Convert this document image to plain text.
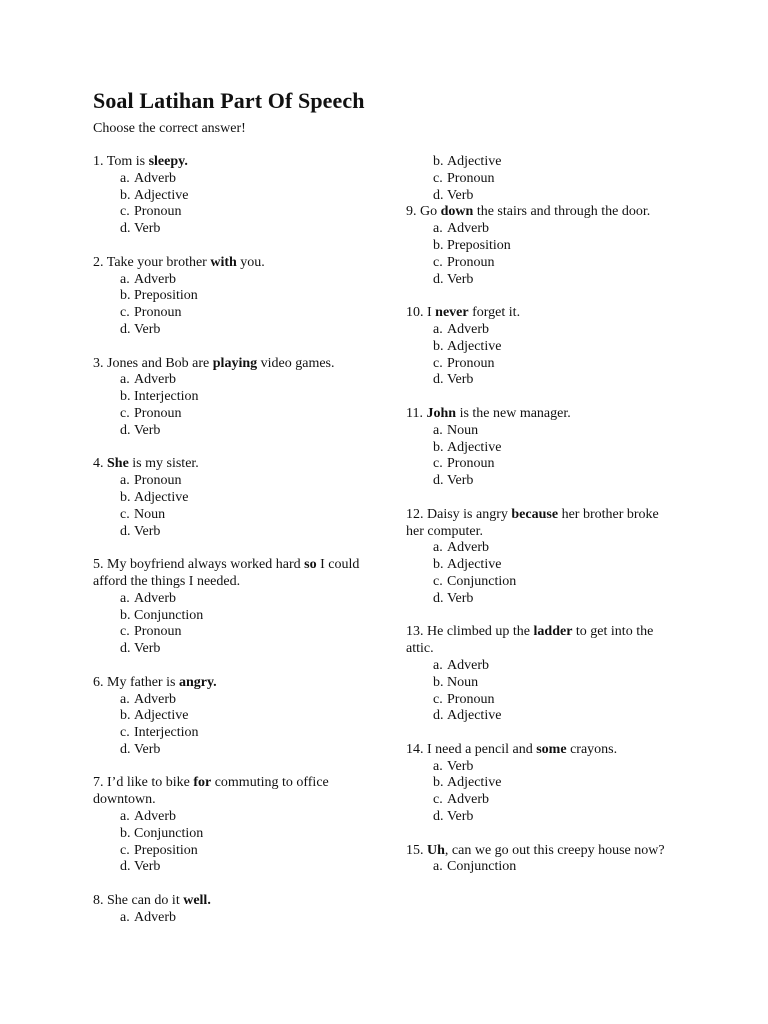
Soal Latihan Part Of Speech
Choose the correct answer!

1. Tom is sleepy.

a. Adverb
b. Adjective
c. Pronoun
d. Verb

2. Take your brother with you.

a. Adverb
b. Preposition
c. Pronoun
d. Verb

3. Jones and Bob are playing video games.

a. Adverb
b. Interjection
c. Pronoun
d. Verb

4. She is my sister.

a. Pronoun
b. Adjective
c. Noun
d. Verb

5. My boyfriend always worked hard so I could afford the things I needed.

a. Adverb
b. Conjunction
c. Pronoun
d. Verb

6. My father is angry.

a. Adverb
b. Adjective
c. Interjection
d. Verb

7. I’d like to bike for commuting to office downtown.

a. Adverb
b. Conjunction
c. Preposition
d. Verb

8. She can do it well.

a. Adverb
b. Adjective
c. Pronoun
d. Verb

9. Go down the stairs and through the door.

a. Adverb
b. Preposition
c. Pronoun
d. Verb

10. I never forget it.

a. Adverb
b. Adjective
c. Pronoun
d. Verb

11. John is the new manager.

a. Noun
b. Adjective
c. Pronoun
d. Verb

12. Daisy is angry because her brother broke her computer.

a. Adverb
b. Adjective
c. Conjunction
d. Verb

13. He climbed up the ladder to get into the attic.

a. Adverb
b. Noun
c. Pronoun
d. Adjective

14. I need a pencil and some crayons.

a. Verb
b. Adjective
c. Adverb
d. Verb

15. Uh, can we go out this creepy house now?

a. Conjunction
